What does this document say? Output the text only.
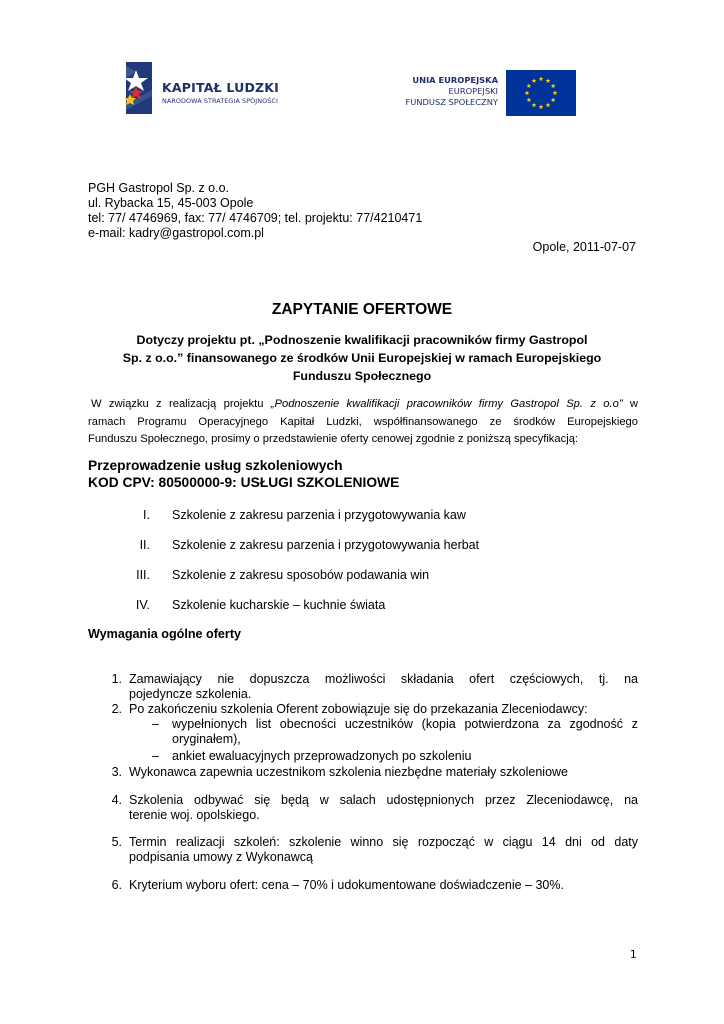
KAPITAŁ LUDZKI
NARODOWA STRATEGIA SPÓJNOŚCI
UNIA EUROPEJSKA
EUROPEJSKI
FUNDUSZ SPOŁECZNY
PGH Gastropol Sp. z o.o.
ul. Rybacka 15, 45-003 Opole
tel: 77/ 4746969, fax: 77/ 4746709; tel. projektu: 77/4210471
e-mail: kadry@gastropol.com.pl
Opole, 2011-07-07
ZAPYTANIE OFERTOWE
Dotyczy projektu pt. „Podnoszenie kwalifikacji pracowników firmy Gastropol
Sp. z o.o.” finansowanego ze środków Unii Europejskiej w ramach Europejskiego
Funduszu Społecznego
W związku z realizacją projektu „Podnoszenie kwalifikacji pracowników firmy Gastropol Sp. z o.o” w
ramach Programu Operacyjnego Kapitał Ludzki, współfinansowanego ze środków Europejskiego
Funduszu Społecznego, prosimy o przedstawienie oferty cenowej zgodnie z poniższą specyfikacją:
Przeprowadzenie usług szkoleniowych
KOD CPV: 80500000-9: USŁUGI SZKOLENIOWE
I. Szkolenie z zakresu parzenia i przygotowywania kaw
II. Szkolenie z zakresu parzenia i przygotowywania herbat
III. Szkolenie z zakresu sposobów podawania win
IV. Szkolenie kucharskie – kuchnie świata
Wymagania ogólne oferty
1. Zamawiający nie dopuszcza możliwości składania ofert częściowych, tj. na
pojedyncze szkolenia.
2. Po zakończeniu szkolenia Oferent zobowiązuje się do przekazania Zleceniodawcy:
– wypełnionych list obecności uczestników (kopia potwierdzona za zgodność z
oryginałem),
– ankiet ewaluacyjnych przeprowadzonych po szkoleniu
3. Wykonawca zapewnia uczestnikom szkolenia niezbędne materiały szkoleniowe
4. Szkolenia odbywać się będą w salach udostępnionych przez Zleceniodawcę, na
terenie woj. opolskiego.
5. Termin realizacji szkoleń: szkolenie winno się rozpocząć w ciągu 14 dni od daty
podpisania umowy z Wykonawcą
6. Kryterium wyboru ofert: cena – 70% i udokumentowane doświadczenie – 30%.
1
